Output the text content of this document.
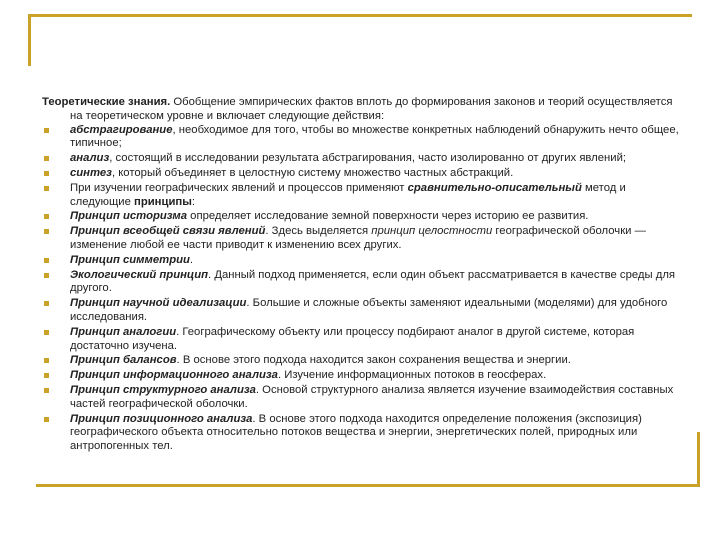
Теоретические знания. Обобщение эмпирических фактов вплоть до формирования законов и теорий осуществляется на теоретическом уровне и включает следующие действия:

абстрагирование, необходимое для того, чтобы во множестве конкретных наблюдений обнаружить нечто общее, типичное;
анализ, состоящий в исследовании результата абстрагирования, часто изолированно от других явлений;
синтез, который объединяет в целостную систему множество частных абстракций.
При изучении географических явлений и процессов применяют сравнительно-описательный метод и следующие принципы:
Принцип историзма определяет исследование земной поверхности через историю ее развития.
Принцип всеобщей связи явлений. Здесь выделяется принцип целостности географической оболочки — изменение любой ее части приводит к изменению всех других.
Принцип симметрии.
Экологический принцип. Данный подход применяется, если один объект рассматривается в качестве среды для другого.
Принцип научной идеализации. Большие и сложные объекты заменяют идеальными (моделями) для удобного исследования.
Принцип аналогии. Географическому объекту или процессу подбирают аналог в другой системе, которая достаточно изучена.
Принцип балансов. В основе этого подхода находится закон сохранения вещества и энергии.
Принцип информационного анализа. Изучение информационных потоков в геосферах.
Принцип структурного анализа. Основой структурного анализа является изучение взаимодействия составных частей географической оболочки.
Принцип позиционного анализа. В основе этого подхода находится определение положения (экспозиция) географического объекта относительно потоков вещества и энергии, энергетических полей, природных или антропогенных тел.
